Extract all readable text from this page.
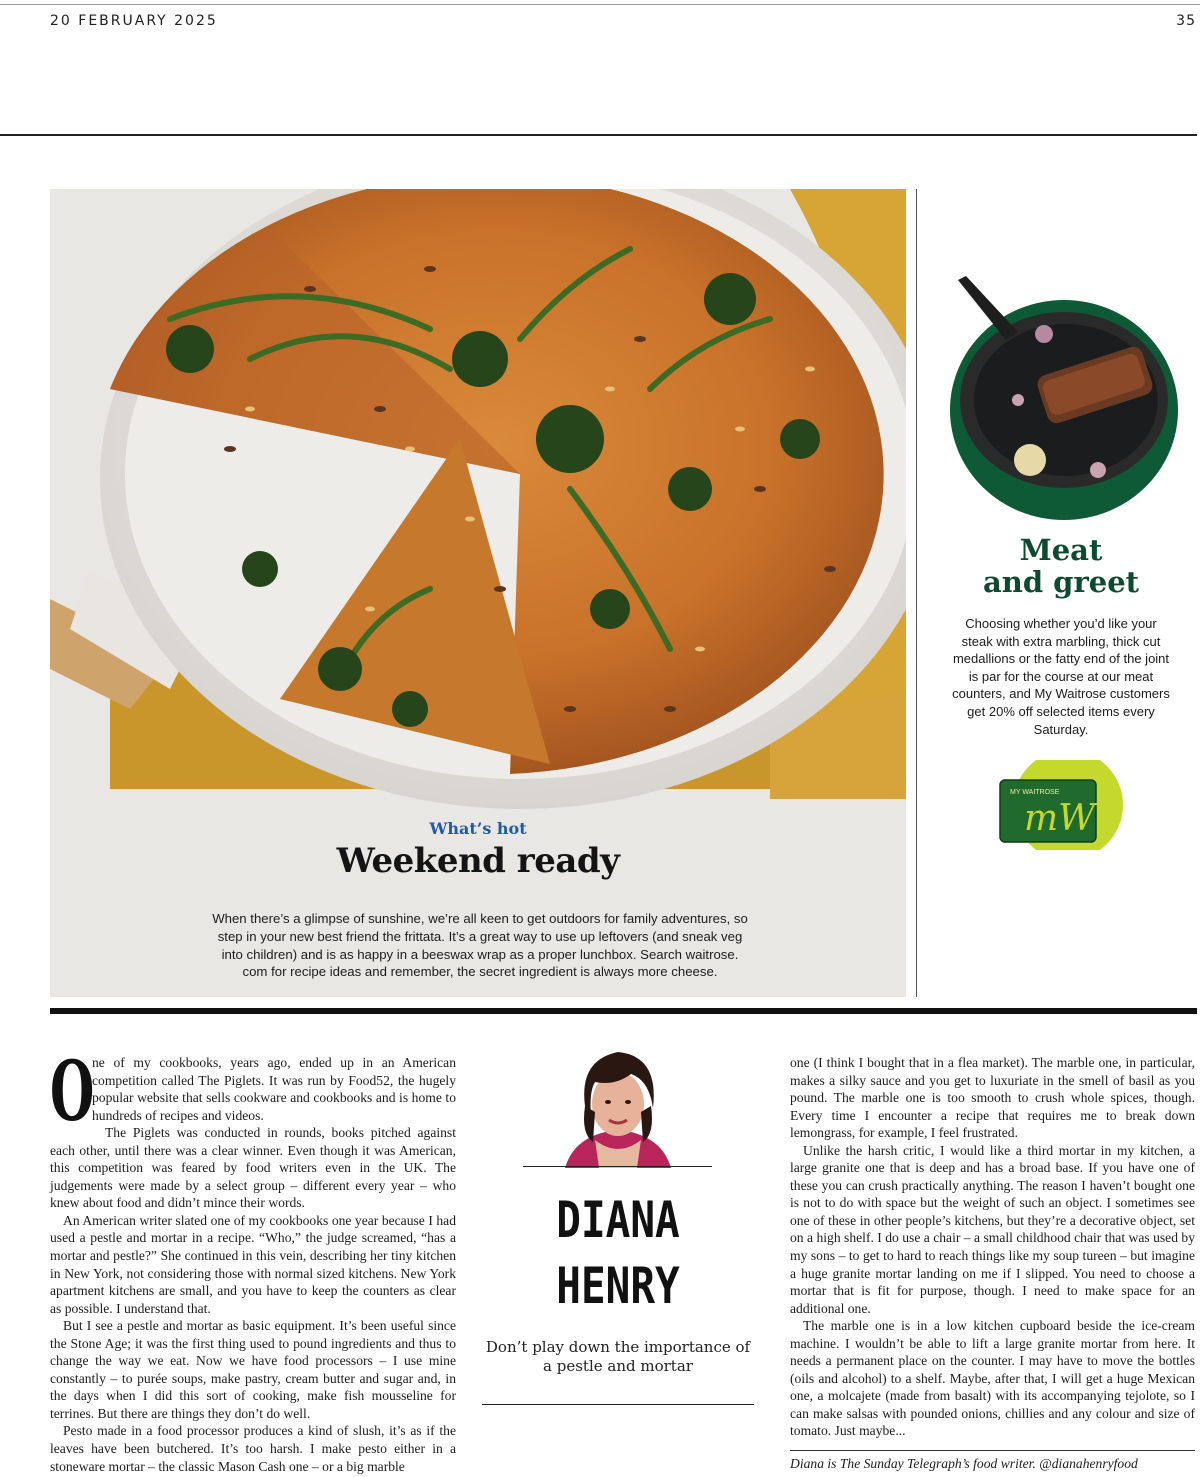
20 FEBRUARY 2025	35
What’s hot
Weekend ready
When there’s a glimpse of sunshine, we’re all keen to get outdoors for family adventures, so step in your new best friend the frittata. It’s a great way to use up leftovers (and sneak veg into children) and is as happy in a beeswax wrap as a proper lunchbox. Search waitrose. com for recipe ideas and remember, the secret ingredient is always more cheese.
Meat
and greet
Choosing whether you’d like your steak with extra marbling, thick cut medallions or the fatty end of the joint is par for the course at our meat counters, and My Waitrose customers get 20% off selected items every Saturday.
MY WAITROSE
mW
O

ne of my cookbooks, years ago, ended up in an American competition called The Piglets. It was run by Food52, the hugely popular website that sells cookware and cookbooks and is home to hundreds of recipes and videos.

The Piglets was conducted in rounds, books pitched against each other, until there was a clear winner. Even though it was American, this competition was feared by food writers even in the UK. The judgements were made by a select group – different every year – who knew about food and didn’t mince their words.

An American writer slated one of my cookbooks one year because I had used a pestle and mortar in a recipe. “Who,” the judge screamed, “has a mortar and pestle?” She continued in this vein, describing her tiny kitchen in New York, not considering those with normal sized kitchens. New York apartment kitchens are small, and you have to keep the counters as clear as possible. I understand that.

But I see a pestle and mortar as basic equipment. It’s been useful since the Stone Age; it was the first thing used to pound ingredients and thus to change the way we eat. Now we have food processors – I use mine constantly – to purée soups, make pastry, cream butter and sugar and, in the days when I did this sort of cooking, make fish mousseline for terrines. But there are things they don’t do well.

Pesto made in a food processor produces a kind of slush, it’s as if the leaves have been butchered. It’s too harsh. I make pesto either in a stoneware mortar – the classic Mason Cash one – or a big marble

DIANA
HENRY
Don’t play down the importance of a pestle and mortar

one (I think I bought that in a flea market). The marble one, in particular, makes a silky sauce and you get to luxuriate in the smell of basil as you pound. The marble one is too smooth to crush whole spices, though. Every time I encounter a recipe that requires me to break down lemongrass, for example, I feel frustrated.

Unlike the harsh critic, I would like a third mortar in my kitchen, a large granite one that is deep and has a broad base. If you have one of these you can crush practically anything. The reason I haven’t bought one is not to do with space but the weight of such an object. I sometimes see one of these in other people’s kitchens, but they’re a decorative object, set on a high shelf. I do use a chair – a small childhood chair that was used by my sons – to get to hard to reach things like my soup tureen – but imagine a huge granite mortar landing on me if I slipped. You need to choose a mortar that is fit for purpose, though. I need to make space for an additional one.

The marble one is in a low kitchen cupboard beside the ice-cream machine. I wouldn’t be able to lift a large granite mortar from here. It needs a permanent place on the counter. I may have to move the bottles (oils and alcohol) to a shelf. Maybe, after that, I will get a huge Mexican one, a molcajete (made from basalt) with its accompanying tejolote, so I can make salsas with pounded onions, chillies and any colour and size of tomato. Just maybe...

Diana is The Sunday Telegraph’s food writer. @dianahenryfood
